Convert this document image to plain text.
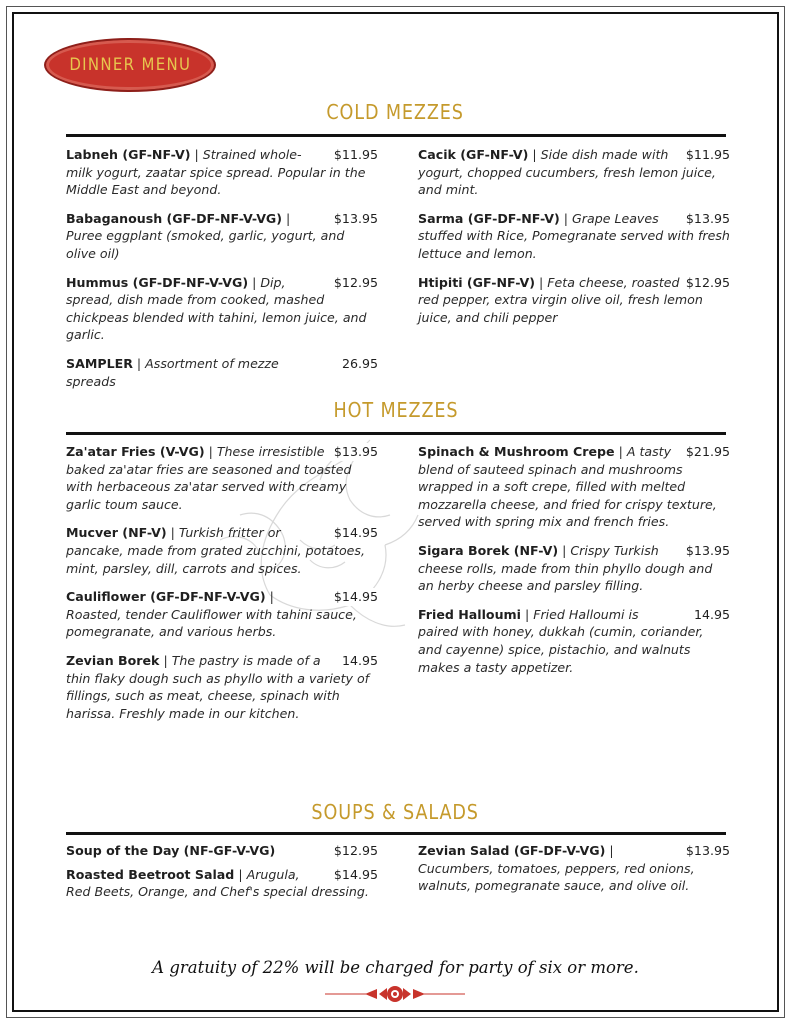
DINNER MENU
COLD MEZZES
$11.95
Labneh (GF-NF-V) | Strained whole-milk yogurt, zaatar spice spread. Popular in the Middle East and beyond.
$13.95
Babaganoush (GF-DF-NF-V-VG) | Puree eggplant (smoked, garlic, yogurt, and olive oil)
$12.95
Hummus (GF-DF-NF-V-VG) | Dip, spread, dish made from cooked, mashed chickpeas blended with tahini, lemon juice, and garlic.
26.95
SAMPLER | Assortment of mezze spreads
$11.95
Cacik (GF-NF-V) | Side dish made with yogurt, chopped cucumbers, fresh lemon juice, and mint.
$13.95
Sarma (GF-DF-NF-V) | Grape Leaves stuffed with Rice, Pomegranate served with fresh lettuce and lemon.
$12.95
Htipiti (GF-NF-V) | Feta cheese, roasted red pepper, extra virgin olive oil, fresh lemon juice, and chili pepper
HOT MEZZES
$13.95
Za'atar Fries (V-VG) | These irresistible baked za'atar fries are seasoned and toasted with herbaceous za'atar served with creamy garlic toum sauce.
$14.95
Mucver (NF-V) | Turkish fritter or pancake, made from grated zucchini, potatoes, mint, parsley, dill, carrots and spices.
$14.95
Cauliflower (GF-DF-NF-V-VG) | Roasted, tender Cauliflower with tahini sauce, pomegranate, and various herbs.
14.95
Zevian Borek | The pastry is made of a thin flaky dough such as phyllo with a variety of fillings, such as meat, cheese, spinach with harissa. Freshly made in our kitchen.
$21.95
Spinach & Mushroom Crepe | A tasty blend of sauteed spinach and mushrooms wrapped in a soft crepe, filled with melted mozzarella cheese, and fried for crispy texture, served with spring mix and french fries.
$13.95
Sigara Borek (NF-V) | Crispy Turkish cheese rolls, made from thin phyllo dough and an herby cheese and parsley filling.
14.95
Fried Halloumi | Fried Halloumi is paired with honey, dukkah (cumin, coriander, and cayenne) spice, pistachio, and walnuts makes a tasty appetizer.
SOUPS & SALADS
$12.95
Soup of the Day (NF-GF-V-VG)
$14.95
Roasted Beetroot Salad | Arugula, Red Beets, Orange, and Chef's special dressing.
$13.95
Zevian Salad (GF-DF-V-VG) | Cucumbers, tomatoes, peppers, red onions, walnuts, pomegranate sauce, and olive oil.
A gratuity of 22% will be charged for party of six or more.
